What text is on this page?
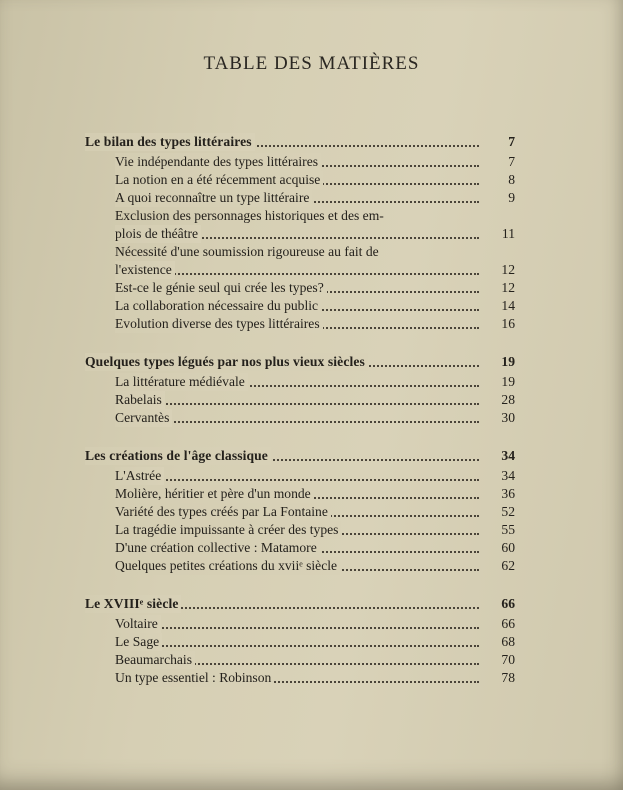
TABLE DES MATIÈRES
Le bilan des types littéraires	7
Vie indépendante des types littéraires	7
La notion en a été récemment acquise	8
A quoi reconnaître un type littéraire	9
Exclusion des personnages historiques et des em-
plois de théâtre	11
Nécessité d'une soumission rigoureuse au fait de
l'existence	12
Est-ce le génie seul qui crée les types?	12
La collaboration nécessaire du public	14
Evolution diverse des types littéraires	16
Quelques types légués par nos plus vieux siècles	19
La littérature médiévale	19
Rabelais	28
Cervantès	30
Les créations de l'âge classique	34
L'Astrée	34
Molière, héritier et père d'un monde	36
Variété des types créés par La Fontaine	52
La tragédie impuissante à créer des types	55
D'une création collective : Matamore	60
Quelques petites créations du xviiᵉ siècle	62
Le XVIIIᵉ siècle	66
Voltaire	66
Le Sage	68
Beaumarchais	70
Un type essentiel : Robinson	78
